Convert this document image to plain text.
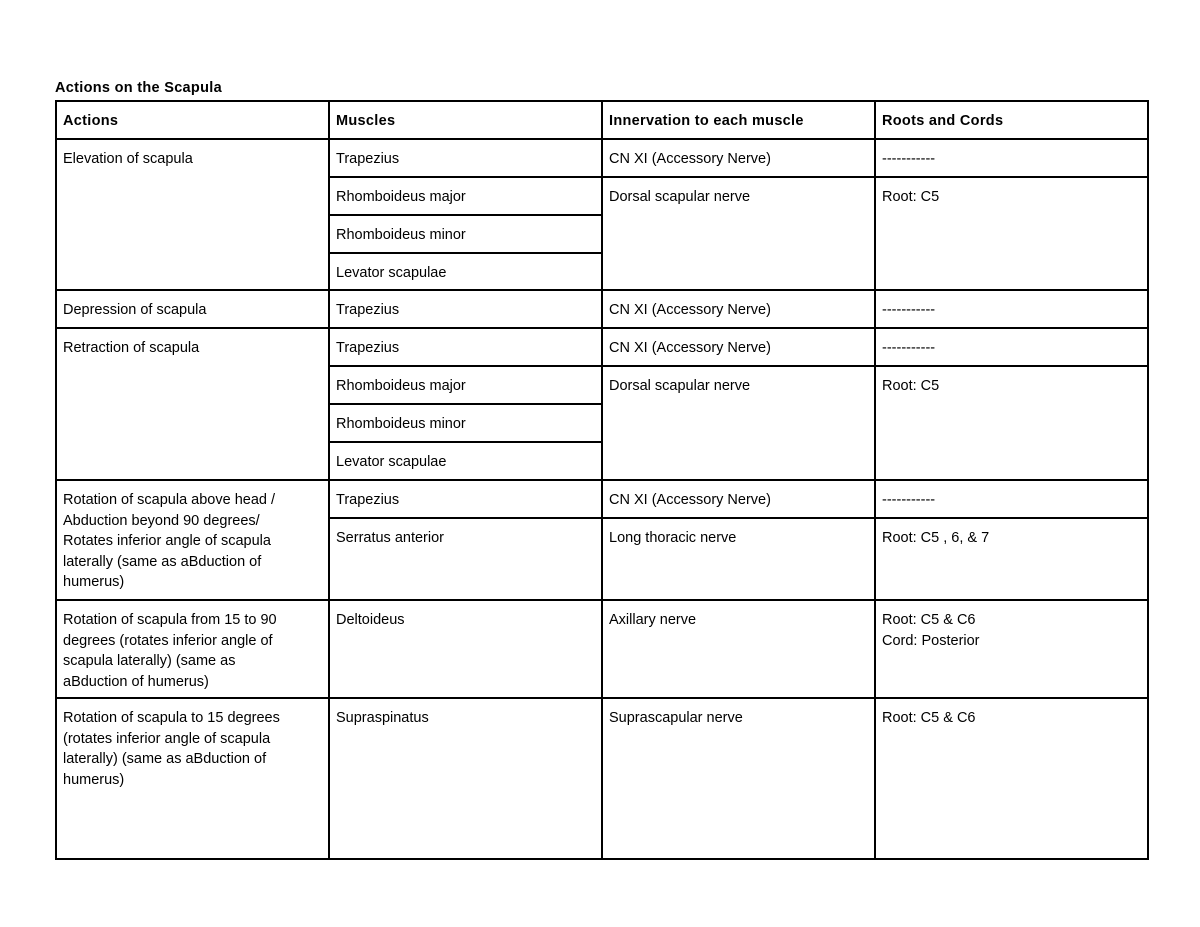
Actions on the Scapula
Actions	Muscles	Innervation to each muscle	Roots and Cords

Elevation of scapula	Trapezius	CN XI (Accessory Nerve)	-----------
	Rhomboideus major	Dorsal scapular nerve	Root: C5
	Rhomboideus minor		
	Levator scapulae		

Depression of scapula	Trapezius	CN XI (Accessory Nerve)	-----------

Retraction of scapula	Trapezius	CN XI (Accessory Nerve)	-----------
	Rhomboideus major	Dorsal scapular nerve	Root: C5
	Rhomboideus minor		
	Levator scapulae		

Rotation of scapula above head /
Abduction beyond 90 degrees/
Rotates inferior angle of scapula
laterally (same as aBduction of
humerus)	Trapezius	CN XI (Accessory Nerve)	-----------
	Serratus anterior	Long thoracic nerve	Root: C5 , 6, & 7

Rotation of scapula from 15 to 90
degrees (rotates inferior angle of
scapula laterally) (same as
aBduction of humerus)	Deltoideus	Axillary nerve	Root: C5 & C6
Cord: Posterior

Rotation of scapula to 15 degrees
(rotates inferior angle of scapula
laterally) (same as aBduction of
humerus)	Supraspinatus	Suprascapular nerve	Root: C5 & C6
